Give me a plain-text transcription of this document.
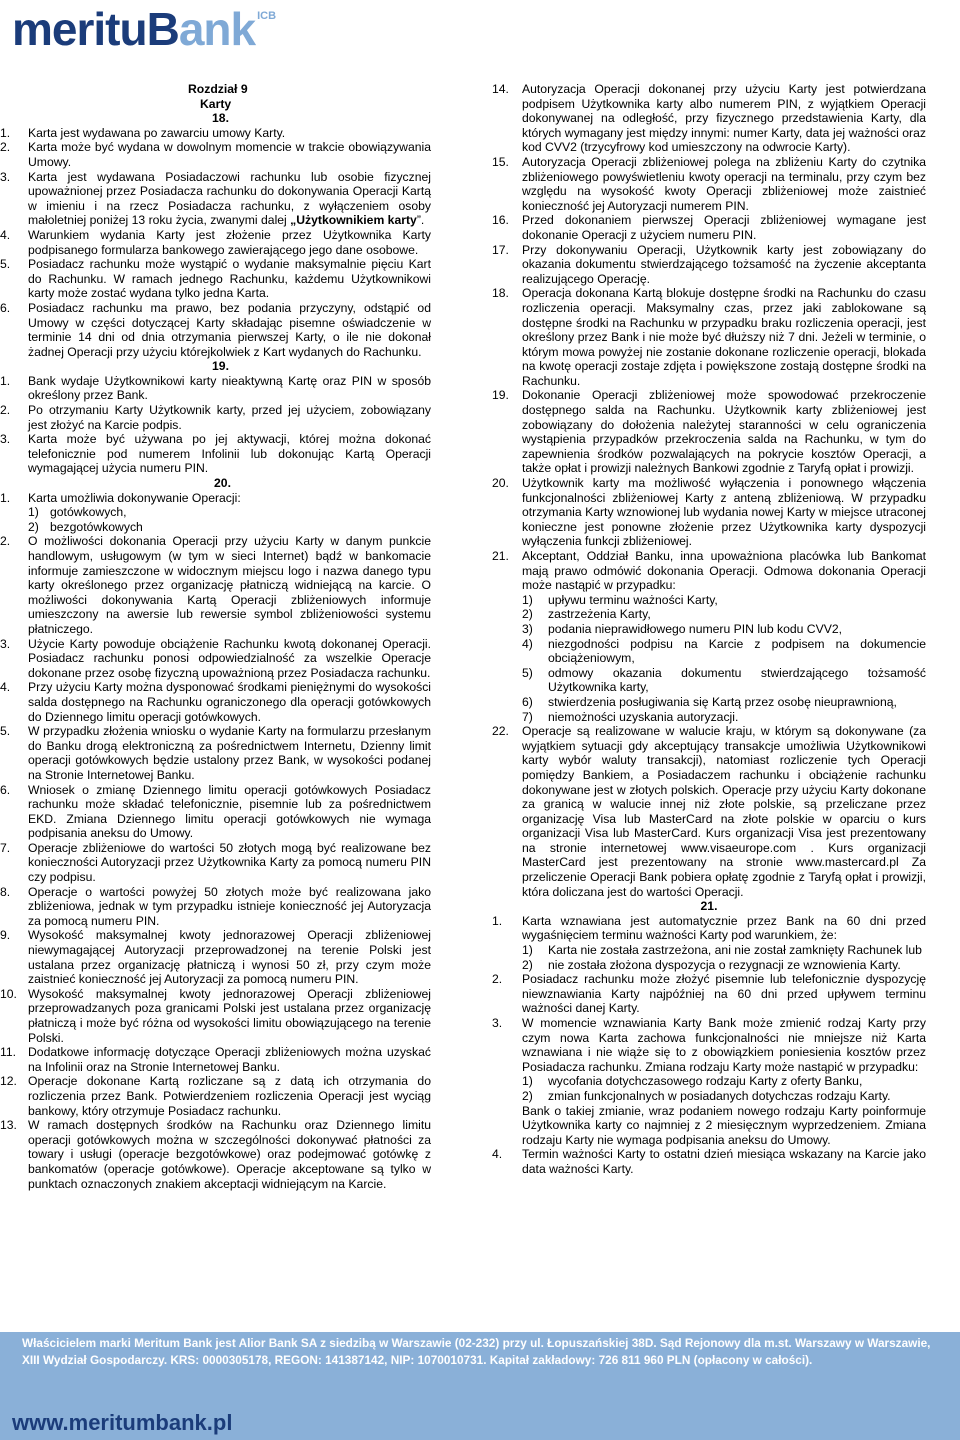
meritu B ank ICB
Rozdział 9
Karty
18.
1.	Karta jest wydawana po zawarciu umowy Karty.
2.	Karta może być wydana w dowolnym momencie w trakcie obowiązywania Umowy.
3.	Karta jest wydawana Posiadaczowi rachunku lub osobie fizycznej upoważnionej przez Posiadacza rachunku do dokonywania Operacji Kartą w imieniu i na rzecz Posiadacza rachunku, z wyłączeniem osoby małoletniej poniżej 13 roku życia, zwanymi dalej „Użytkownikiem karty”.
4.	Warunkiem wydania Karty jest złożenie przez Użytkownika Karty podpisanego formularza bankowego zawierającego jego dane osobowe.
5.	Posiadacz rachunku może wystąpić o wydanie maksymalnie pięciu Kart do Rachunku. W ramach jednego Rachunku, każdemu Użytkownikowi karty może zostać wydana tylko jedna Karta.
6.	Posiadacz rachunku ma prawo, bez podania przyczyny, odstąpić od Umowy w części dotyczącej Karty składając pisemne oświadczenie w terminie 14 dni od dnia otrzymania pierwszej Karty, o ile nie dokonał żadnej Operacji przy użyciu którejkolwiek z Kart wydanych do Rachunku.
19.
1.	Bank wydaje Użytkownikowi karty nieaktywną Kartę oraz PIN w sposób określony przez Bank.
2.	Po otrzymaniu Karty Użytkownik karty, przed jej użyciem, zobowiązany jest złożyć na Karcie podpis.
3.	Karta może być używana po jej aktywacji, której można dokonać telefonicznie pod numerem Infolinii lub dokonując Kartą Operacji wymagającej użycia numeru PIN.
20.
1.	Karta umożliwia dokonywanie Operacji:
1) gotówkowych,
2) bezgotówkowych
2.	O możliwości dokonania Operacji przy użyciu Karty w danym punkcie handlowym, usługowym (w tym w sieci Internet) bądź w bankomacie informuje zamieszczone w widocznym miejscu logo i nazwa danego typu karty określonego przez organizację płatniczą widniejącą na karcie. O możliwości dokonywania Kartą Operacji zbliżeniowych informuje umieszczony na awersie lub rewersie symbol zbliżeniowości systemu płatniczego.
3.	Użycie Karty powoduje obciążenie Rachunku kwotą dokonanej Operacji. Posiadacz rachunku ponosi odpowiedzialność za wszelkie Operacje dokonane przez osobę fizyczną upoważnioną przez Posiadacza rachunku.
4.	Przy użyciu Karty można dysponować środkami pieniężnymi do wysokości salda dostępnego na Rachunku ograniczonego dla operacji gotówkowych do Dziennego limitu operacji gotówkowych.
5.	W przypadku złożenia wniosku o wydanie Karty na formularzu przesłanym do Banku drogą elektroniczną za pośrednictwem Internetu, Dzienny limit operacji gotówkowych będzie ustalony przez Bank, w wysokości podanej na Stronie Internetowej Banku.
6.	Wniosek o zmianę Dziennego limitu operacji gotówkowych Posiadacz rachunku może składać telefonicznie, pisemnie lub za pośrednictwem EKD. Zmiana Dziennego limitu operacji gotówkowych nie wymaga podpisania aneksu do Umowy.
7.	Operacje zbliżeniowe do wartości 50 złotych mogą być realizowane bez konieczności Autoryzacji przez Użytkownika Karty za pomocą numeru PIN czy podpisu.
8.	Operacje o wartości powyżej 50 złotych może być realizowana jako zbliżeniowa, jednak w tym przypadku istnieje konieczność jej Autoryzacja za pomocą numeru PIN.
9.	Wysokość maksymalnej kwoty jednorazowej Operacji zbliżeniowej niewymagającej Autoryzacji przeprowadzonej na terenie Polski jest ustalana przez organizację płatniczą i wynosi 50 zł, przy czym może zaistnieć konieczność jej Autoryzacji za pomocą numeru PIN.
10. Wysokość maksymalnej kwoty jednorazowej Operacji zbliżeniowej przeprowadzanych poza granicami Polski jest ustalana przez organizację płatniczą i może być różna od wysokości limitu obowiązującego na terenie Polski.
11. Dodatkowe informację dotyczące Operacji zbliżeniowych można uzyskać na Infolinii oraz na Stronie Internetowej Banku.
12. Operacje dokonane Kartą rozliczane są z datą ich otrzymania do rozliczenia przez Bank. Potwierdzeniem rozliczenia Operacji jest wyciąg bankowy, który otrzymuje Posiadacz rachunku.
13. W ramach dostępnych środków na Rachunku oraz Dziennego limitu operacji gotówkowych można w szczególności dokonywać płatności za towary i usługi (operacje bezgotówkowe) oraz podejmować gotówkę z bankomatów (operacje gotówkowe). Operacje akceptowane są tylko w punktach oznaczonych znakiem akceptacji widniejącym na Karcie.
14.	Autoryzacja Operacji dokonanej przy użyciu Karty jest potwierdzana podpisem Użytkownika karty albo numerem PIN, z wyjątkiem Operacji dokonywanej na odległość, przy fizycznego przedstawienia Karty, dla których wymagany jest między innymi: numer Karty, data jej ważności oraz kod CVV2 (trzycyfrowy kod umieszczony na odwrocie Karty).
15.	Autoryzacja Operacji zbliżeniowej polega na zbliżeniu Karty do czytnika zbliżeniowego powyświetleniu kwoty operacji na terminalu, przy czym bez względu na wysokość kwoty Operacji zbliżeniowej może zaistnieć konieczność jej Autoryzacji numerem PIN.
16.	Przed dokonaniem pierwszej Operacji zbliżeniowej wymagane jest dokonanie Operacji z użyciem numeru PIN.
17.	Przy dokonywaniu Operacji, Użytkownik karty jest zobowiązany do okazania dokumentu stwierdzającego tożsamość na życzenie akceptanta realizującego Operację.
18.	Operacja dokonana Kartą blokuje dostępne środki na Rachunku do czasu rozliczenia operacji. Maksymalny czas, przez jaki zablokowane są dostępne środki na Rachunku w przypadku braku rozliczenia operacji, jest określony przez Bank i nie może być dłuższy niż 7 dni. Jeżeli w terminie, o którym mowa powyżej nie zostanie dokonane rozliczenie operacji, blokada na kwotę operacji zostaje zdjęta i powiększone zostają dostępne środki na Rachunku.
19.	Dokonanie Operacji zbliżeniowej może spowodować przekroczenie dostępnego salda na Rachunku. Użytkownik karty zbliżeniowej jest zobowiązany do dołożenia należytej staranności w celu ograniczenia wystąpienia przypadków przekroczenia salda na Rachunku, w tym do zapewnienia środków pozwalających na pokrycie kosztów Operacji, a także opłat i prowizji należnych Bankowi zgodnie z Taryfą opłat i prowizji.
20.	Użytkownik karty ma możliwość wyłączenia i ponownego włączenia funkcjonalności zbliżeniowej Karty z anteną zbliżeniową. W przypadku otrzymania Karty wznowionej lub wydania nowej Karty w miejsce utraconej konieczne jest ponowne złożenie przez Użytkownika karty dyspozycji wyłączenia funkcji zbliżeniowej.
21.	Akceptant, Oddział Banku, inna upoważniona placówka lub Bankomat mają prawo odmówić dokonania Operacji. Odmowa dokonania Operacji może nastąpić w przypadku:
1)	upływu terminu ważności Karty,
2)	zastrzeżenia Karty,
3)	podania nieprawidłowego numeru PIN lub kodu CVV2,
4)	niezgodności podpisu na Karcie z podpisem na dokumencie obciążeniowym,
5)	odmowy okazania dokumentu stwierdzającego tożsamość Użytkownika karty,
6)	stwierdzenia posługiwania się Kartą przez osobę nieuprawnioną,
7)	niemożności uzyskania autoryzacji.
22.	Operacje są realizowane w walucie kraju, w którym są dokonywane (za wyjątkiem sytuacji gdy akceptujący transakcje umożliwia Użytkownikowi karty wybór waluty transakcji), natomiast rozliczenie tych Operacji pomiędzy Bankiem, a Posiadaczem rachunku i obciążenie rachunku dokonywane jest w złotych polskich. Operacje przy użyciu Karty dokonane za granicą w walucie innej niż złote polskie, są przeliczane przez organizację Visa lub MasterCard na złote polskie w oparciu o kurs organizacji Visa lub MasterCard. Kurs organizacji Visa jest prezentowany na stronie internetowej www.visaeurope.com . Kurs organizacji MasterCard jest prezentowany na stronie www.mastercard.pl Za przeliczenie Operacji Bank pobiera opłatę zgodnie z Taryfą opłat i prowizji, która doliczana jest do wartości Operacji.
21.
1.	Karta wznawiana jest automatycznie przez Bank na 60 dni przed wygaśnięciem terminu ważności Karty pod warunkiem, że:
1)	Karta nie została zastrzeżona, ani nie został zamknięty Rachunek lub
2)	nie została złożona dyspozycja o rezygnacji ze wznowienia Karty.
2.	Posiadacz rachunku może złożyć pisemnie lub telefonicznie dyspozycję niewznawiania Karty najpóźniej na 60 dni przed upływem terminu ważności danej Karty.
3.	W momencie wznawiania Karty Bank może zmienić rodzaj Karty przy czym nowa Karta zachowa funkcjonalności nie mniejsze niż Karta wznawiana i nie wiąże się to z obowiązkiem poniesienia kosztów przez Posiadacza rachunku. Zmiana rodzaju Karty może nastąpić w przypadku:
1)	wycofania dotychczasowego rodzaju Karty z oferty Banku,
2)	zmian funkcjonalnych w posiadanych dotychczas rodzaju Karty.
Bank o takiej zmianie, wraz podaniem nowego rodzaju Karty poinformuje Użytkownika karty co najmniej z 2 miesięcznym wyprzedzeniem. Zmiana rodzaju Karty nie wymaga podpisania aneksu do Umowy.
4.	Termin ważności Karty to ostatni dzień miesiąca wskazany na Karcie jako data ważności Karty.
Właścicielem marki Meritum Bank jest Alior Bank SA z siedzibą w Warszawie (02-232) przy ul. Łopuszańskiej 38D. Sąd Rejonowy dla m.st. Warszawy w Warszawie,
XIII Wydział Gospodarczy. KRS: 0000305178, REGON: 141387142, NIP: 1070010731. Kapitał zakładowy: 726 811 960 PLN (opłacony w całości).
www.meritumbank.pl
